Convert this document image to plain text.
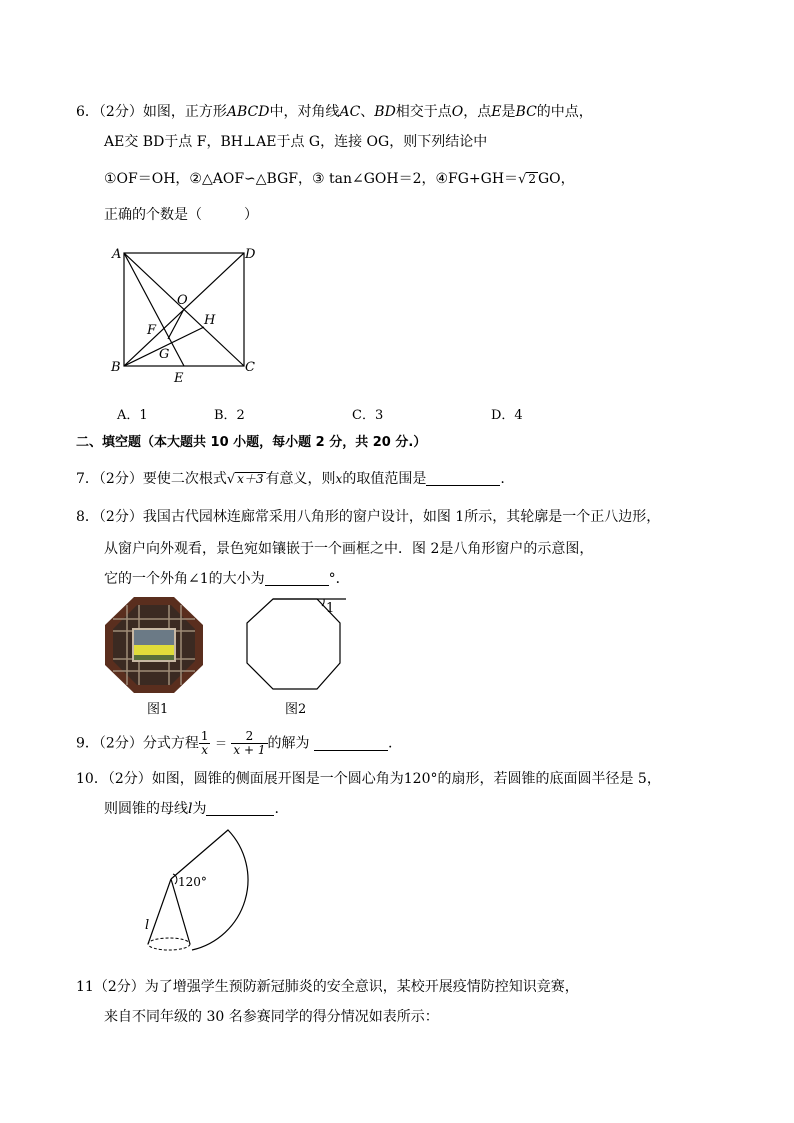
6．（2分）如图，正方形ABCD中，对角线AC、BD相交于点O，点E是BC的中点，
AE交 BD于点 F，BH⊥AE于点 G，连接 OG，则下列结论中
①OF＝OH，②△AOF∽△BGF，③ tan∠GOH＝2，④FG+GH＝√ 2 GO，
正确的个数是（　　　）
A	D
B	C
O
F
H
G
E
A．1	B．2	C．3	D．4
二、填空题（本大题共 10 小题，每小题 2 分，共 20 分.）
7．（2分）要使二次根式√ x＋3 有意义，则x的取值范围是	.
8．（2分）我国古代园林连廊常采用八角形的窗户设计，如图 1所示，其轮廓是一个正八边形，
从窗户向外观看，景色宛如镶嵌于一个画框之中．图 2是八角形窗户的示意图，
它的一个外角∠1的大小为	°．
1
图1	图2
9．（2分）分式方程 $\frac{1}{x} = \frac{2}{x + 1}$ 的解为	.
10．（2分）如图，圆锥的侧面展开图是一个圆心角为120°的扇形，若圆锥的底面圆半径是 5，
则圆锥的母线l为	.
120°
l
11（2分）为了增强学生预防新冠肺炎的安全意识，某校开展疫情防控知识竞赛，
来自不同年级的 30 名参赛同学的得分情况如表所示：
